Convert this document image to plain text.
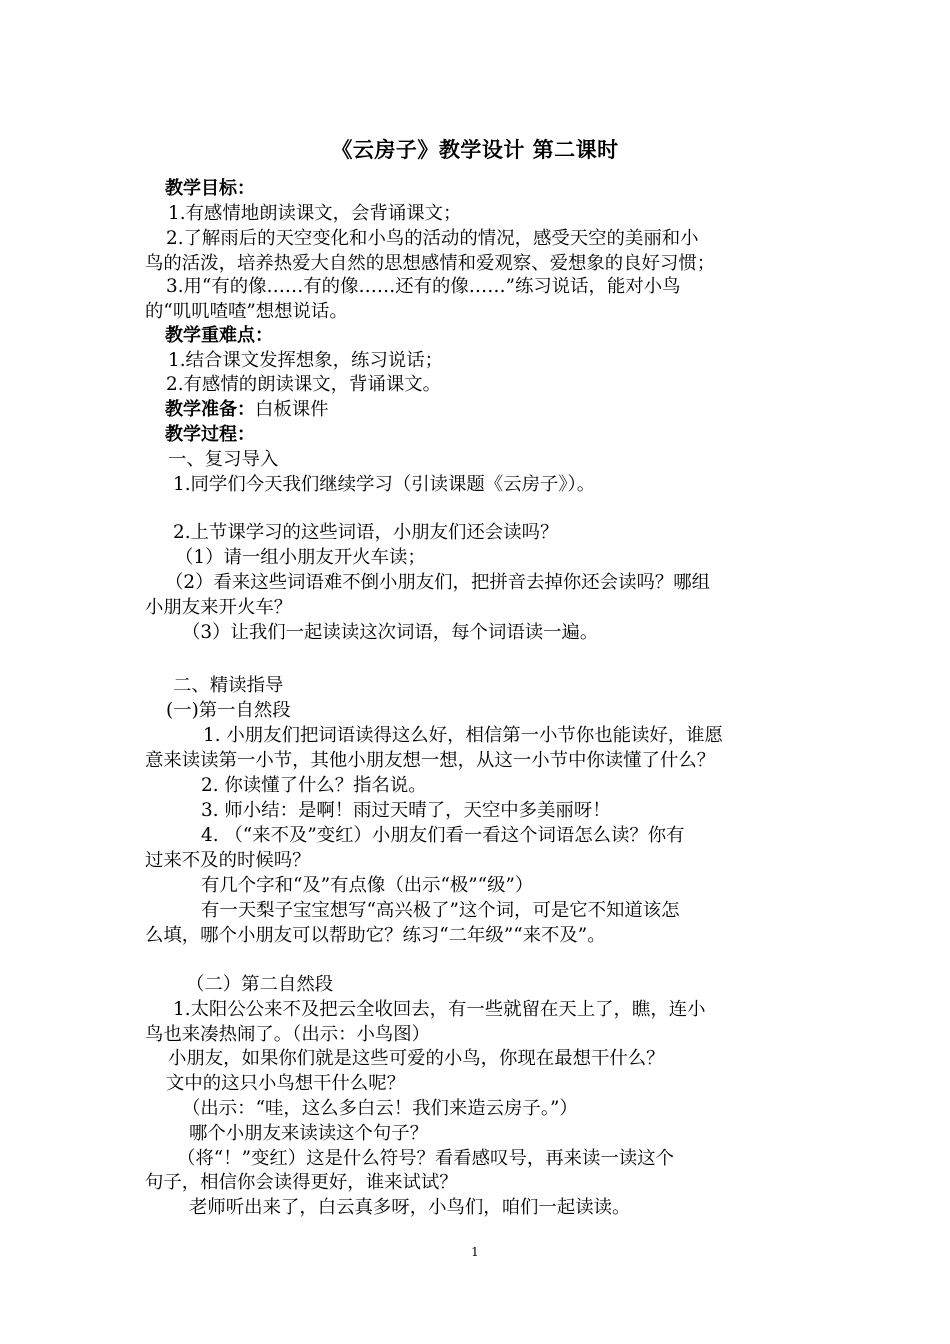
《云房子》教学设计 第二课时
教学目标：
1.有感情地朗读课文，会背诵课文；
2.了解雨后的天空变化和小鸟的活动的情况，感受天空的美丽和小
鸟的活泼，培养热爱大自然的思想感情和爱观察、爱想象的良好习惯；
3.用“有的像……有的像……还有的像……”练习说话，能对小鸟
的“叽叽喳喳”想想说话。
教学重难点：
1.结合课文发挥想象，练习说话；
2.有感情的朗读课文，背诵课文。
教学准备：白板课件
教学过程：
一、复习导入
1.同学们今天我们继续学习（引读课题《云房子》）。
2.上节课学习的这些词语，小朋友们还会读吗？
（1）请一组小朋友开火车读；
（2）看来这些词语难不倒小朋友们，把拼音去掉你还会读吗？哪组
小朋友来开火车？
（3）让我们一起读读这次词语，每个词语读一遍。
二、精读指导
(一)第一自然段
1. 小朋友们把词语读得这么好，相信第一小节你也能读好，谁愿
意来读读第一小节，其他小朋友想一想，从这一小节中你读懂了什么？
2. 你读懂了什么？指名说。
3. 师小结：是啊！雨过天晴了，天空中多美丽呀！
4. （“来不及”变红）小朋友们看一看这个词语怎么读？你有
过来不及的时候吗？
有几个字和“及”有点像（出示“极”“级”）
有一天梨子宝宝想写“高兴极了”这个词，可是它不知道该怎
么填，哪个小朋友可以帮助它？练习“二年级”“来不及”。
（二）第二自然段
1.太阳公公来不及把云全收回去，有一些就留在天上了，瞧，连小
鸟也来凑热闹了。（出示：小鸟图）
小朋友，如果你们就是这些可爱的小鸟，你现在最想干什么？
文中的这只小鸟想干什么呢？
（出示：“哇，这么多白云！我们来造云房子。”）
哪个小朋友来读读这个句子？
（将“！”变红）这是什么符号？看看感叹号，再来读一读这个
句子，相信你会读得更好，谁来试试？
老师听出来了，白云真多呀，小鸟们，咱们一起读读。
1
